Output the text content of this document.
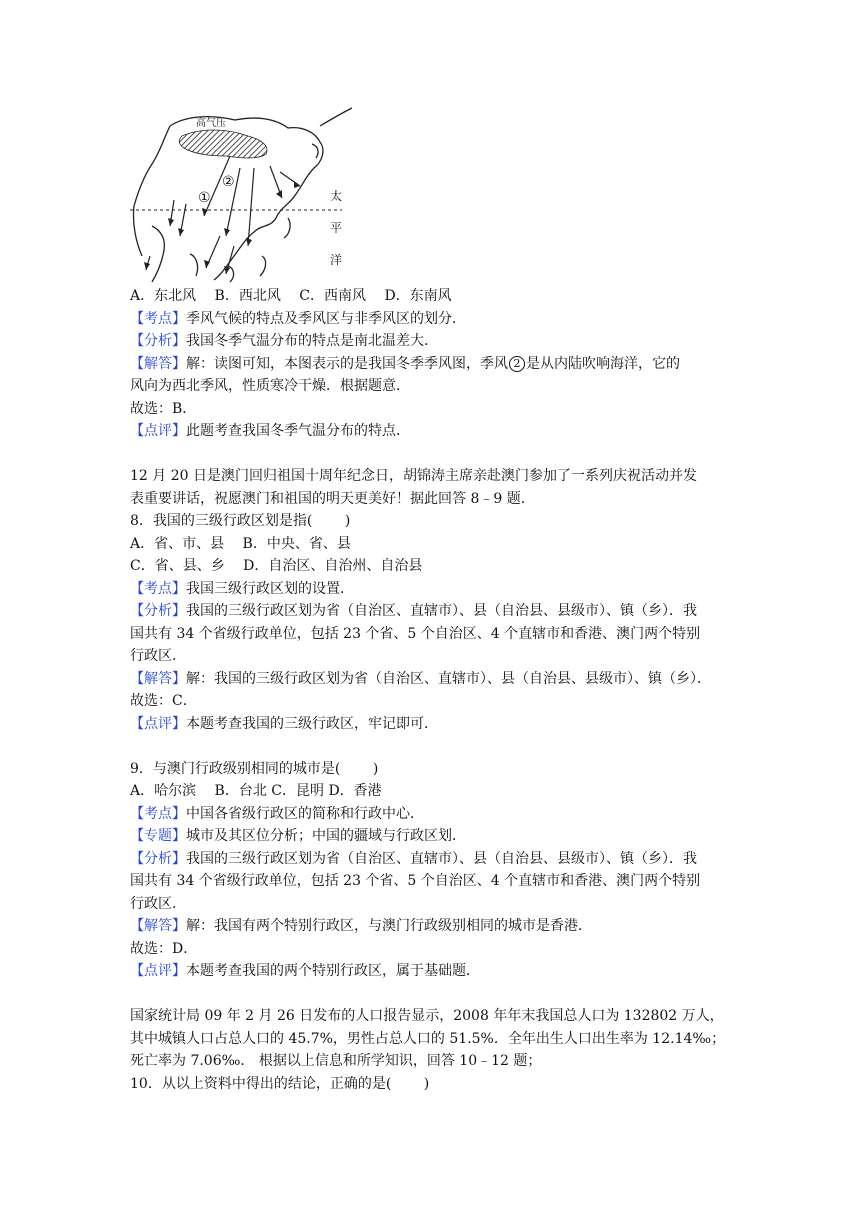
高气压
①
②
太
平
洋
A．东北风　 B．西北风　 C．西南风　 D．东南风
【考点】季风气候的特点及季风区与非季风区的划分．
【分析】我国冬季气温分布的特点是南北温差大．
【解答】解：读图可知，本图表示的是我国冬季季风图，季风 2 是从内陆吹响海洋，它的
风向为西北季风，性质寒冷干燥．根据题意．
故选：B．
【点评】此题考查我国冬季气温分布的特点．
12 月 20 日是澳门回归祖国十周年纪念日，胡锦涛主席亲赴澳门参加了一系列庆祝活动并发
表重要讲话，祝愿澳门和祖国的明天更美好！据此回答 8﹣9 题．
8．我国的三级行政区划是指(　　 )
A．省、市、县　 B．中央、省、县
C．省、县、乡　 D．自治区、自治州、自治县
【考点】我国三级行政区划的设置．
【分析】我国的三级行政区划为省（自治区、直辖市）、县（自治县、县级市）、镇（乡）．我
国共有 34 个省级行政单位，包括 23 个省、5 个自治区、4 个直辖市和香港、澳门两个特别
行政区．
【解答】解：我国的三级行政区划为省（自治区、直辖市）、县（自治县、县级市）、镇（乡）．
故选：C．
【点评】本题考查我国的三级行政区，牢记即可．
9．与澳门行政级别相同的城市是(　　 )
A．哈尔滨　 B．台北 C．昆明 D．香港
【考点】中国各省级行政区的简称和行政中心．
【专题】城市及其区位分析；中国的疆域与行政区划．
【分析】我国的三级行政区划为省（自治区、直辖市）、县（自治县、县级市）、镇（乡）．我
国共有 34 个省级行政单位，包括 23 个省、5 个自治区、4 个直辖市和香港、澳门两个特别
行政区．
【解答】解：我国有两个特别行政区，与澳门行政级别相同的城市是香港．
故选：D．
【点评】本题考查我国的两个特别行政区，属于基础题．
国家统计局 09 年 2 月 26 日发布的人口报告显示，2008 年年末我国总人口为 132802 万人，
其中城镇人口占总人口的 45.7%，男性占总人口的 51.5%．全年出生人口出生率为 12.14‰；
死亡率为 7.06‰． 根据以上信息和所学知识，回答 10﹣12 题；
10．从以上资料中得出的结论，正确的是(　　 )
